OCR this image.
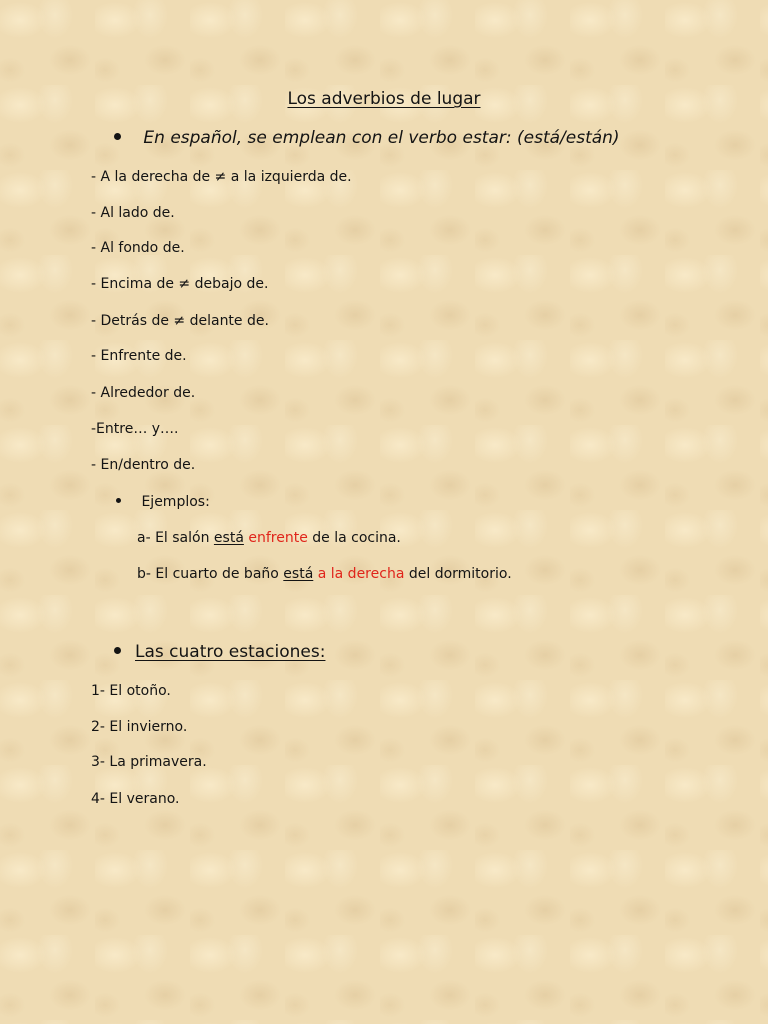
Los adverbios de lugar
En español, se emplean con el verbo estar: (está/están)
- A la derecha de ≠ a la izquierda de.
- Al lado de.
- Al fondo de.
- Encima de ≠ debajo de.
- Detrás de ≠ delante de.
- Enfrente de.
- Alrededor de.
-Entre… y….
- En/dentro de.
Ejemplos:
a- El salón está enfrente de la cocina.
b- El cuarto de baño está a la derecha del dormitorio.
Las cuatro estaciones:
1- El otoño.
2- El invierno.
3- La primavera.
4- El verano.
